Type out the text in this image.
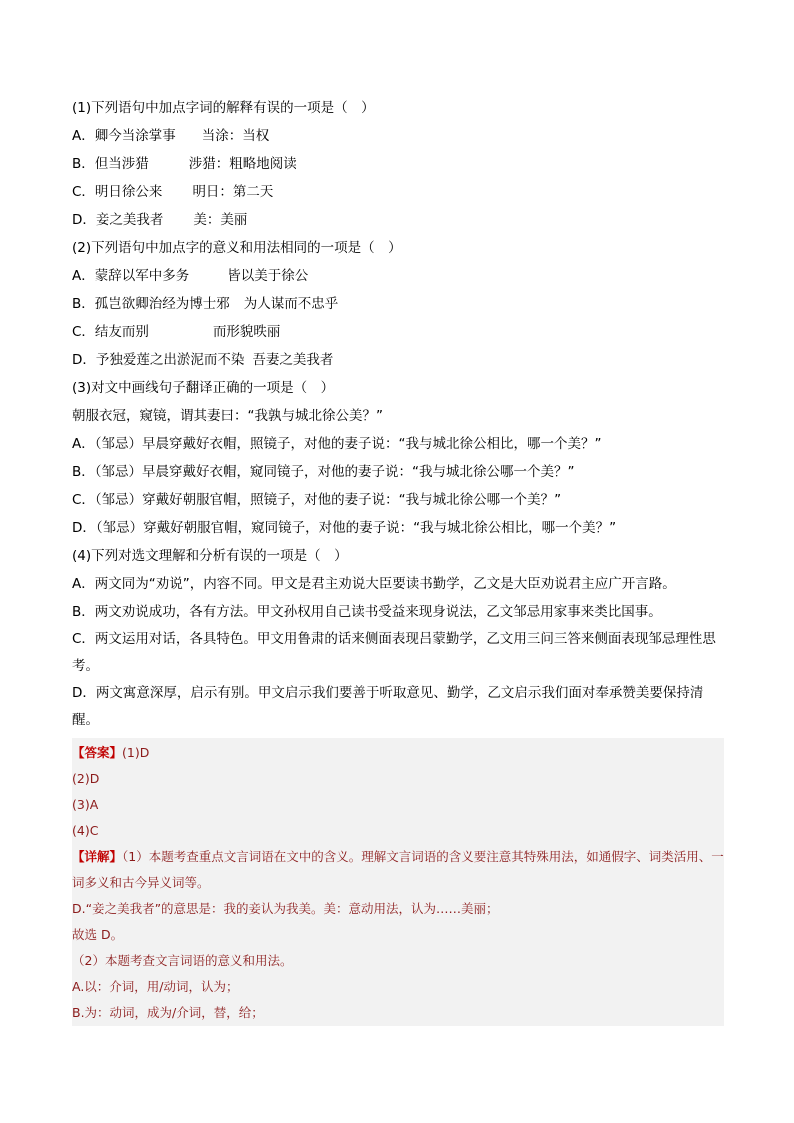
(1)下列语句中加点字词的解释有误的一项是（　）
A．卿今当涂掌事 当涂：当权
B．但当涉猎	涉猎：粗略地阅读
C．明日徐公来 明日：第二天
D．妾之美我者 美：美丽
(2)下列语句中加点字的意义和用法相同的一项是（　）
A．蒙辞以军中多务	皆以美于徐公
B．孤岂欲卿治经为博士邪 为人谋而不忠乎
C．结友而别	而形貌昳丽
D．予独爱莲之出淤泥而不染 吾妻之美我者
(3)对文中画线句子翻译正确的一项是（　）
朝服衣冠，窥镜，谓其妻曰：“我孰与城北徐公美？”
A．（邹忌）早晨穿戴好衣帽，照镜子，对他的妻子说：“我与城北徐公相比，哪一个美？”
B．（邹忌）早晨穿戴好衣帽，窥同镜子，对他的妻子说：“我与城北徐公哪一个美？”
C．（邹忌）穿戴好朝服官帽，照镜子，对他的妻子说：“我与城北徐公哪一个美？”
D．（邹忌）穿戴好朝服官帽，窥同镜子，对他的妻子说：“我与城北徐公相比，哪一个美？”
(4)下列对选文理解和分析有误的一项是（　）
A．两文同为“劝说”，内容不同。甲文是君主劝说大臣要读书勤学，乙文是大臣劝说君主应广开言路。
B．两文劝说成功，各有方法。甲文孙权用自己读书受益来现身说法，乙文邹忌用家事来类比国事。
C．两文运用对话，各具特色。甲文用鲁肃的话来侧面表现吕蒙勤学，乙文用三问三答来侧面表现邹忌理性思考。
D．两文寓意深厚，启示有别。甲文启示我们要善于听取意见、勤学，乙文启示我们面对奉承赞美要保持清醒。
【答案】(1)D
(2)D
(3)A
(4)C
【详解】（1）本题考查重点文言词语在文中的含义。理解文言词语的含义要注意其特殊用法，如通假字、词类活用、一词多义和古今异义词等。
D.“妾之美我者”的意思是：我的妾认为我美。美：意动用法，认为……美丽；
故选 D。
（2）本题考查文言词语的意义和用法。
A.以：介词，用/动词，认为；
B.为：动词，成为/介词，替，给；
